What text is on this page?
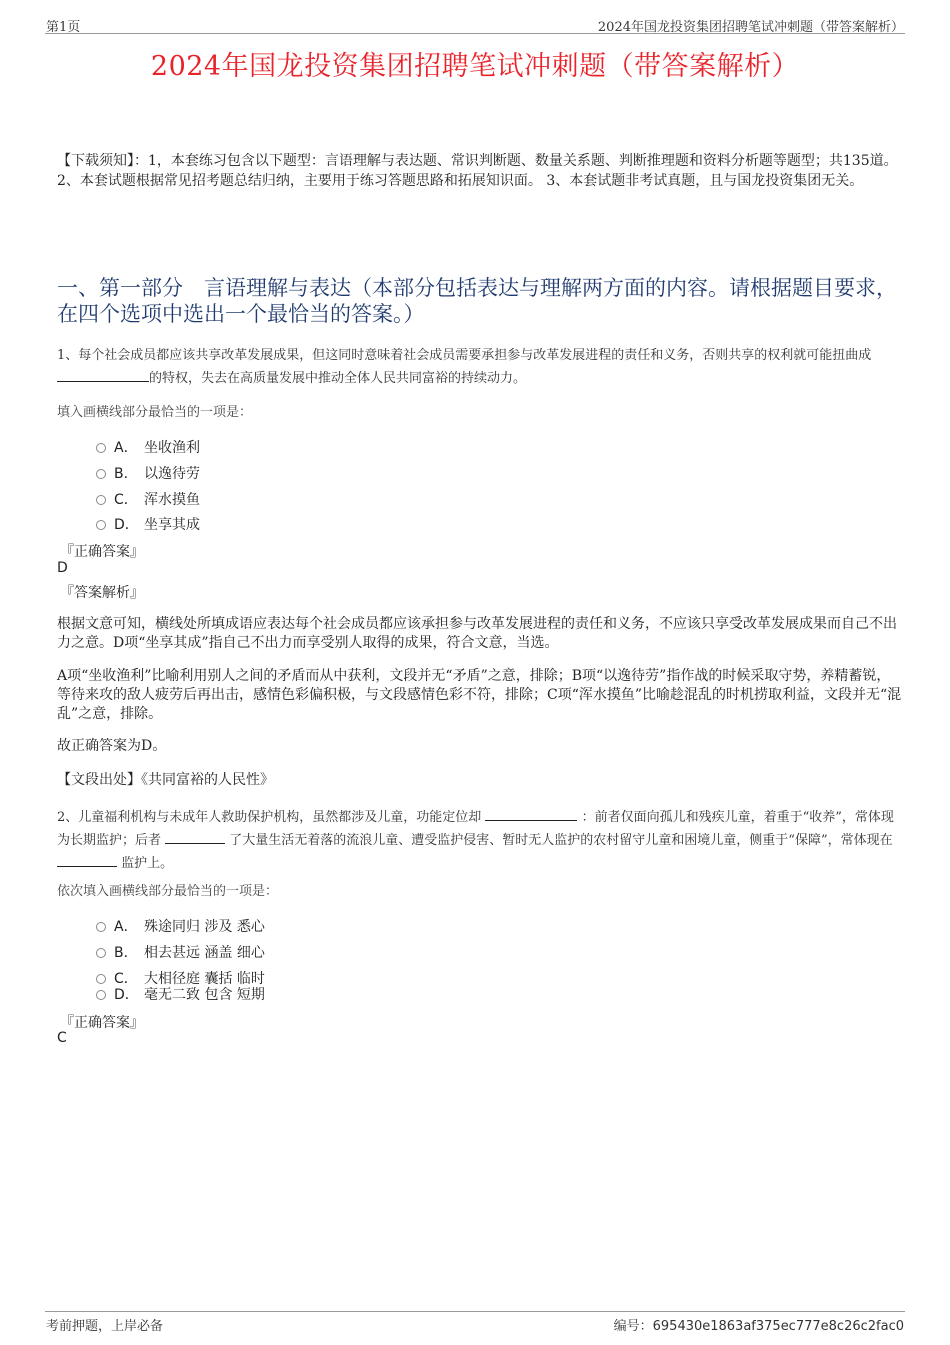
第1页	2024年国龙投资集团招聘笔试冲刺题（带答案解析）
2024年国龙投资集团招聘笔试冲刺题（带答案解析）
【下载须知】：1，本套练习包含以下题型：言语理解与表达题、常识判断题、数量关系题、判断推理题和资料分析题等题型；共135道。 2、本套试题根据常见招考题总结归纳，主要用于练习答题思路和拓展知识面。 3、本套试题非考试真题，且与国龙投资集团无关。
一、第一部分　言语理解与表达（本部分包括表达与理解两方面的内容。请根据题目要求，在四个选项中选出一个最恰当的答案。）
1、每个社会成员都应该共享改革发展成果，但这同时意味着社会成员需要承担参与改革发展进程的责任和义务，否则共享的权利就可能扭曲成
的特权，失去在高质量发展中推动全体人民共同富裕的持续动力。
填入画横线部分最恰当的一项是：
A． 坐收渔利
B． 以逸待劳
C． 浑水摸鱼
D． 坐享其成
『正确答案』
D
『答案解析』
根据文意可知，横线处所填成语应表达每个社会成员都应该承担参与改革发展进程的责任和义务，不应该只享受改革发展成果而自己不出力之意。D项“坐享其成”指自己不出力而享受别人取得的成果，符合文意，当选。
A项“坐收渔利”比喻利用别人之间的矛盾而从中获利，文段并无“矛盾”之意，排除；B项“以逸待劳”指作战的时候采取守势，养精蓄锐，等待来攻的敌人疲劳后再出击，感情色彩偏积极，与文段感情色彩不符，排除；C项“浑水摸鱼”比喻趁混乱的时机捞取利益，文段并无“混乱”之意，排除。
故正确答案为D。
【文段出处】《共同富裕的人民性》
2、儿童福利机构与未成年人救助保护机构，虽然都涉及儿童，功能定位却	：前者仅面向孤儿和残疾儿童，着重于“收养”，常体现为长期监护；后者	了大量生活无着落的流浪儿童、遭受监护侵害、暂时无人监护的农村留守儿童和困境儿童，侧重于“保障”，常体现在  监护上。
依次填入画横线部分最恰当的一项是：
A． 殊途同归 涉及 悉心
B． 相去甚远 涵盖 细心
C． 大相径庭 囊括 临时
D． 毫无二致 包含 短期
『正确答案』
C
考前押题，上岸必备	编号：695430e1863af375ec777e8c26c2fac0
